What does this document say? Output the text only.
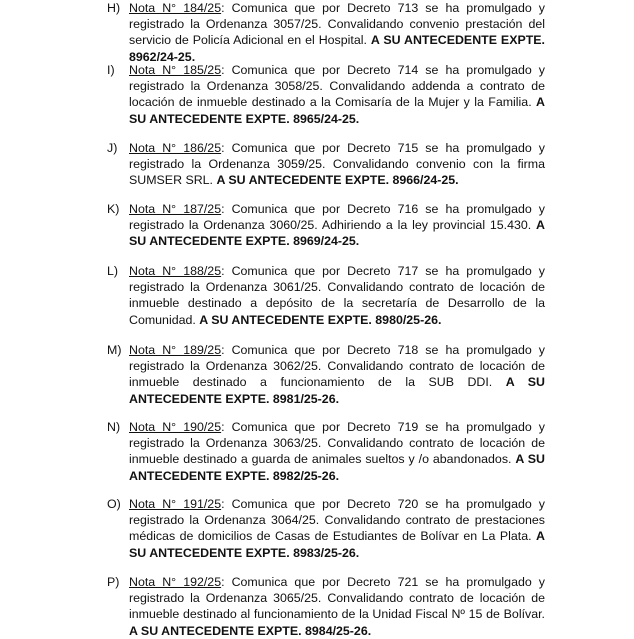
H) Nota N° 184/25: Comunica que por Decreto 713 se ha promulgado y registrado la Ordenanza 3057/25. Convalidando convenio prestación del servicio de Policía Adicional en el Hospital. A SU ANTECEDENTE EXPTE. 8962/24-25.
I) Nota N° 185/25: Comunica que por Decreto 714 se ha promulgado y registrado la Ordenanza 3058/25. Convalidando addenda a contrato de locación de inmueble destinado a la Comisaría de la Mujer y la Familia. A SU ANTECEDENTE EXPTE. 8965/24-25.
J) Nota N° 186/25: Comunica que por Decreto 715 se ha promulgado y registrado la Ordenanza 3059/25. Convalidando convenio con la firma SUMSER SRL. A SU ANTECEDENTE EXPTE. 8966/24-25.
K) Nota N° 187/25: Comunica que por Decreto 716 se ha promulgado y registrado la Ordenanza 3060/25. Adhiriendo a la ley provincial 15.430. A SU ANTECEDENTE EXPTE. 8969/24-25.
L) Nota N° 188/25: Comunica que por Decreto 717 se ha promulgado y registrado la Ordenanza 3061/25. Convalidando contrato de locación de inmueble destinado a depósito de la secretaría de Desarrollo de la Comunidad. A SU ANTECEDENTE EXPTE. 8980/25-26.
M) Nota N° 189/25: Comunica que por Decreto 718 se ha promulgado y registrado la Ordenanza 3062/25. Convalidando contrato de locación de inmueble destinado a funcionamiento de la SUB DDI. A SU ANTECEDENTE EXPTE. 8981/25-26.
N) Nota N° 190/25: Comunica que por Decreto 719 se ha promulgado y registrado la Ordenanza 3063/25. Convalidando contrato de locación de inmueble destinado a guarda de animales sueltos y /o abandonados. A SU ANTECEDENTE EXPTE. 8982/25-26.
O) Nota N° 191/25: Comunica que por Decreto 720 se ha promulgado y registrado la Ordenanza 3064/25. Convalidando contrato de prestaciones médicas de domicilios de Casas de Estudiantes de Bolívar en La Plata. A SU ANTECEDENTE EXPTE. 8983/25-26.
P) Nota N° 192/25: Comunica que por Decreto 721 se ha promulgado y registrado la Ordenanza 3065/25. Convalidando contrato de locación de inmueble destinado al funcionamiento de la Unidad Fiscal Nº 15 de Bolívar. A SU ANTECEDENTE EXPTE. 8984/25-26.
